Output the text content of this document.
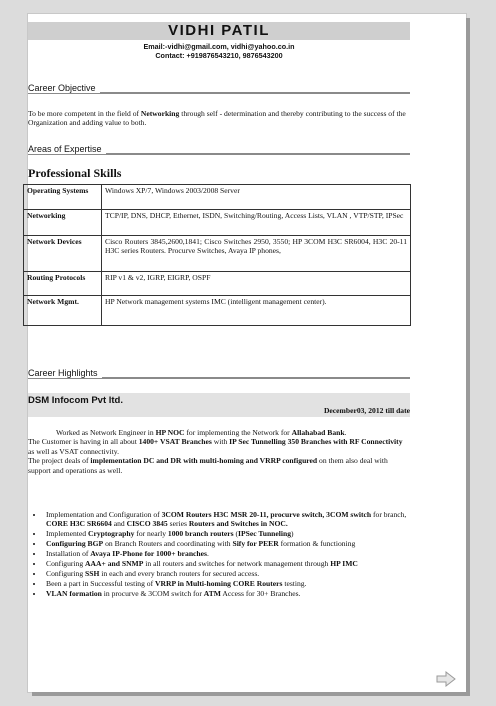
VIDHI PATIL
Email:-vidhi@gmail.com, vidhi@yahoo.co.in
Contact: +919876543210, 9876543200
Career Objective
To be more competent in the field of Networking through self - determination and thereby contributing to the success of the Organization and adding value to both.
Areas of Expertise
Professional Skills
Operating Systems	Windows XP/7, Windows 2003/2008 Server
Networking	TCP/IP, DNS, DHCP, Ethernet, ISDN, Switching/Routing, Access Lists, VLAN , VTP/STP, IPSec
Network Devices	Cisco Routers 3845,2600,1841; Cisco Switches 2950, 3550; HP 3COM H3C SR6004, H3C 20-11 H3C series Routers. Procurve Switches, Avaya IP phones,
Routing Protocols	RIP v1 & v2, IGRP, EIGRP, OSPF
Network Mgmt.	HP Network management systems IMC (intelligent management center).
Career Highlights
DSM Infocom Pvt ltd.
December03, 2012 till date
Worked as Network Engineer in HP NOC for implementing the Network for Allahabad Bank.
The Customer is having in all about 1400+ VSAT Branches with IP Sec Tunnelling 350 Branches with RF Connectivity as well as VSAT connectivity.
The project deals of implementation DC and DR with multi-homing and VRRP configured on them also deal with support and operations as well.
• Implementation and Configuration of 3COM Routers H3C MSR 20-11, procurve switch, 3COM switch for branch, CORE H3C SR6604 and CISCO 3845 series Routers and Switches in NOC.
• Implemented Cryptography for nearly 1000 branch routers (IPSec Tunneling)
• Configuring BGP on Branch Routers and coordinating with Sify for PEER formation & functioning
• Installation of Avaya IP-Phone for 1000+ branches.
• Configuring AAA+ and SNMP in all routers and switches for network management through HP IMC
• Configuring SSH in each and every branch routers for secured access.
• Been a part in Successful testing of VRRP in Multi-homing CORE Routers testing.
• VLAN formation in procurve & 3COM switch for ATM Access for 30+ Branches.
